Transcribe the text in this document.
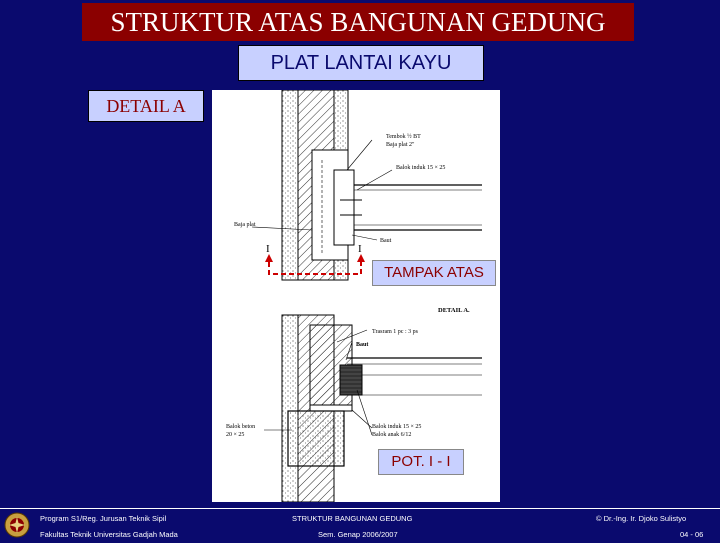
STRUKTUR ATAS BANGUNAN GEDUNG
PLAT LANTAI KAYU
DETAIL A
Tembok ½ BT
Baja plat 2"
Balok induk 15 × 25
Baja plat
Baut
I	I
DETAIL A.
Trasram 1 pc : 3 ps
Baut
Balok induk 15 × 25
Balok anak 6/12
Balok beton
20 × 25
TAMPAK ATAS
POT. I - I
Program S1/Reg. Jurusan Teknik Sipil
Fakultas Teknik Universitas Gadjah Mada
STRUKTUR BANGUNAN GEDUNG
Sem. Genap 2006/2007
© Dr.-Ing. Ir. Djoko Sulistyo
04 - 06
